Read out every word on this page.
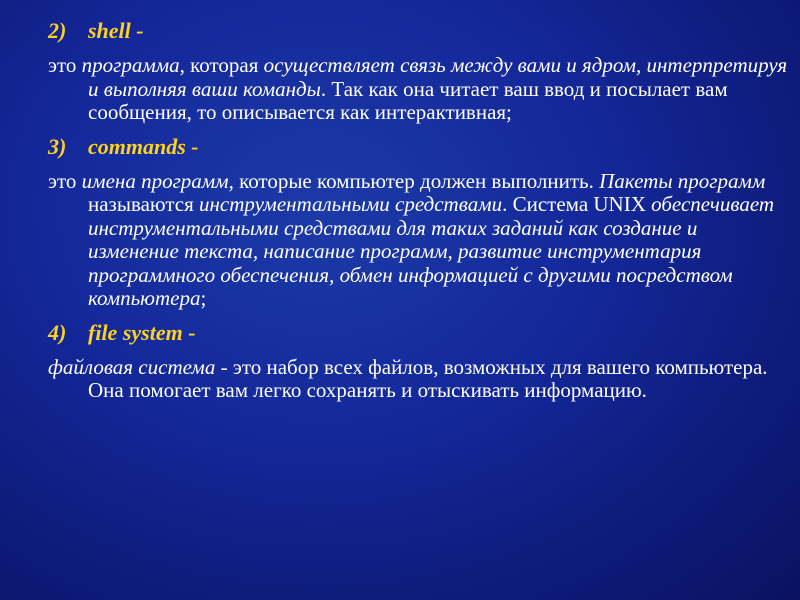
2) shell -
это программа, которая осуществляет связь между вами и ядром, интерпретируя и выполняя ваши команды. Так как она читает ваш ввод и посылает вам сообщения, то описывается как интерактивная;
3) commands -
это имена программ, которые компьютер должен выполнить. Пакеты программ называются инструментальными средствами. Система UNIX обеспечивает инструментальными средствами для таких заданий как создание и изменение текста, написание программ, развитие инструментария программного обеспечения, обмен информацией с другими посредством компьютера;
4) file system -
файловая система - это набор всех файлов, возможных для вашего компьютера. Она помогает вам легко сохранять и отыскивать информацию.
